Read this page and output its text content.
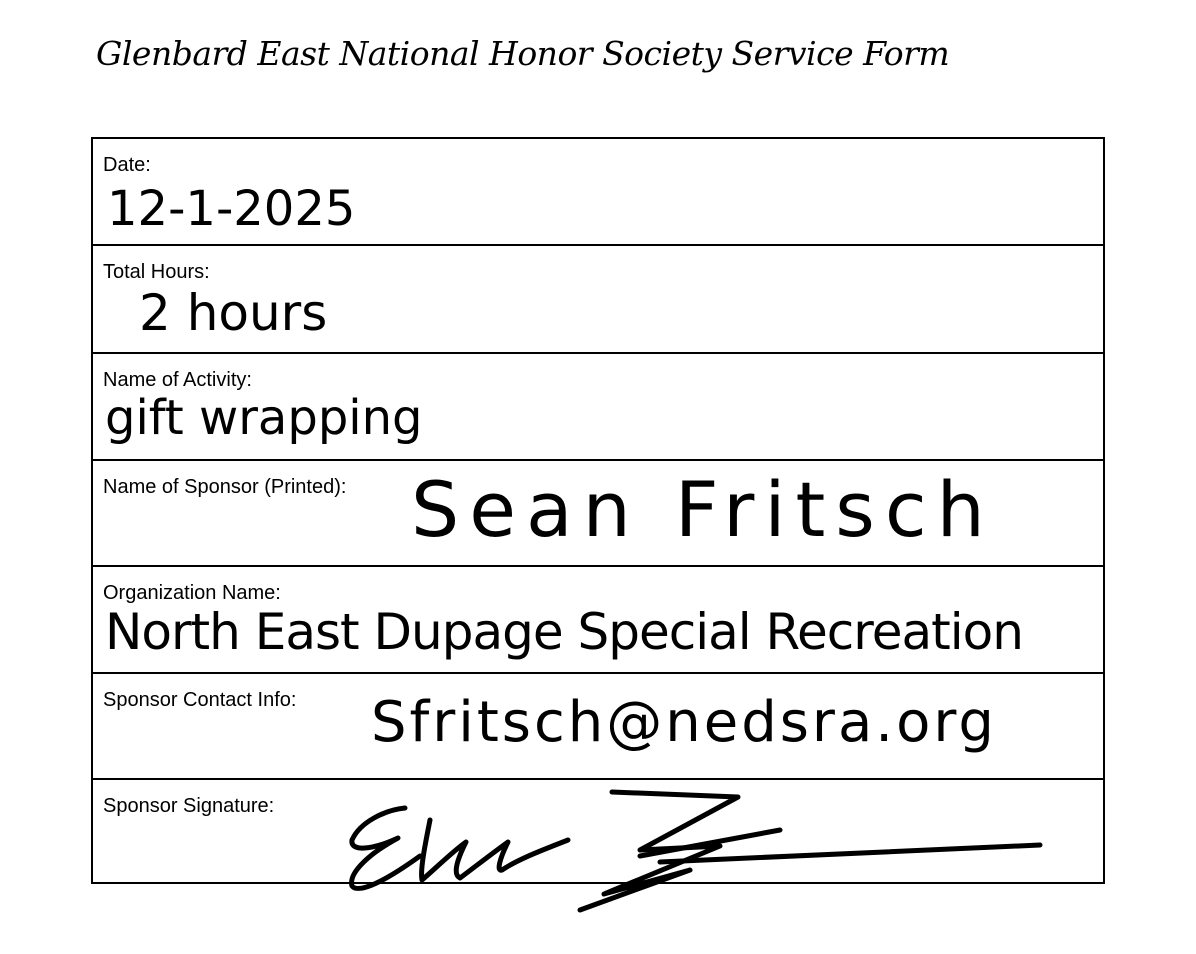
Glenbard East National Honor Society Service Form
Date:
12-1-2025
Total Hours:
2 hours
Name of Activity:
gift wrapping
Name of Sponsor (Printed): Sean Fritsch
Organization Name:
North East Dupage Special Recreation
Sponsor Contact Info: Sfritsch@nedsra.org
Sponsor Signature:
